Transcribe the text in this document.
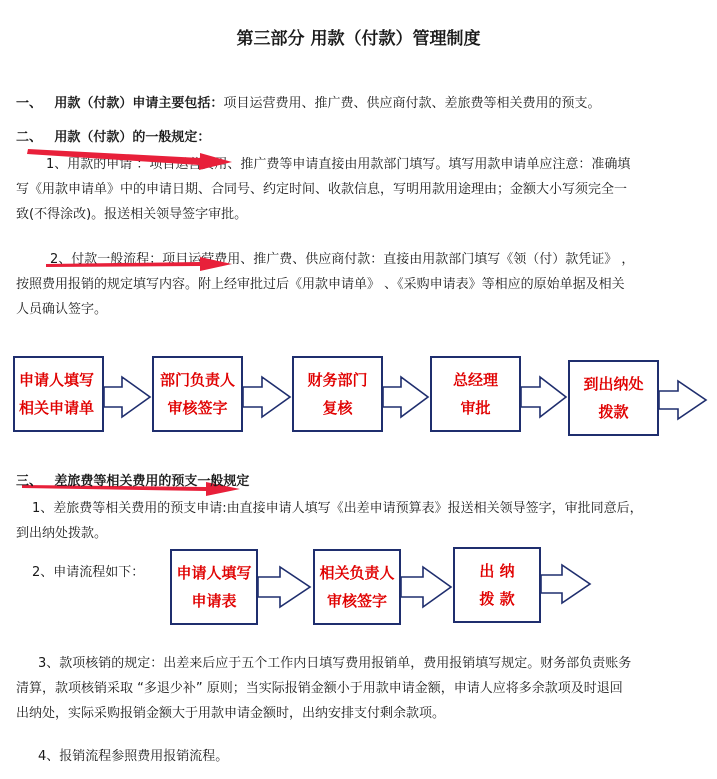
第三部分 用款（付款）管理制度
一、 用款（付款）申请主要包括：项目运营费用、推广费、供应商付款、差旅费等相关费用的预支。
二、 用款（付款）的一般规定：
1、用款的申请 ：项目运营费用、推广费等申请直接由用款部门填写。填写用款申请单应注意：准确填
写《用款申请单》中的申请日期、合同号、约定时间、收款信息，写明用款用途理由；金额大小写须完全一
致(不得涂改)。报送相关领导签字审批。
2、付款一般流程：项目运营费用、推广费、供应商付款：直接由用款部门填写《领（付）款凭证》 ，
按照费用报销的规定填写内容。附上经审批过后《用款申请单》 、《采购申请表》等相应的原始单据及相关
人员确认签字。
申请人填写
相关申请单
部门负责人
审核签字
财务部门
复核
总经理
审批
到出纳处
拨款
三、 差旅费等相关费用的预支一般规定
1、差旅费等相关费用的预支申请:由直接申请人填写《出差申请预算表》报送相关领导签字，审批同意后，
到出纳处拨款。
2、申请流程如下： 申请人填写
申请表
相关负责人
审核签字
出 纳
拨 款
3、款项核销的规定：出差来后应于五个工作内日填写费用报销单，费用报销填写规定。财务部负责账务
清算，款项核销采取 “多退少补” 原则；当实际报销金额小于用款申请金额，申请人应将多余款项及时退回
出纳处，实际采购报销金额大于用款申请金额时，出纳安排支付剩余款项。
4、报销流程参照费用报销流程。
